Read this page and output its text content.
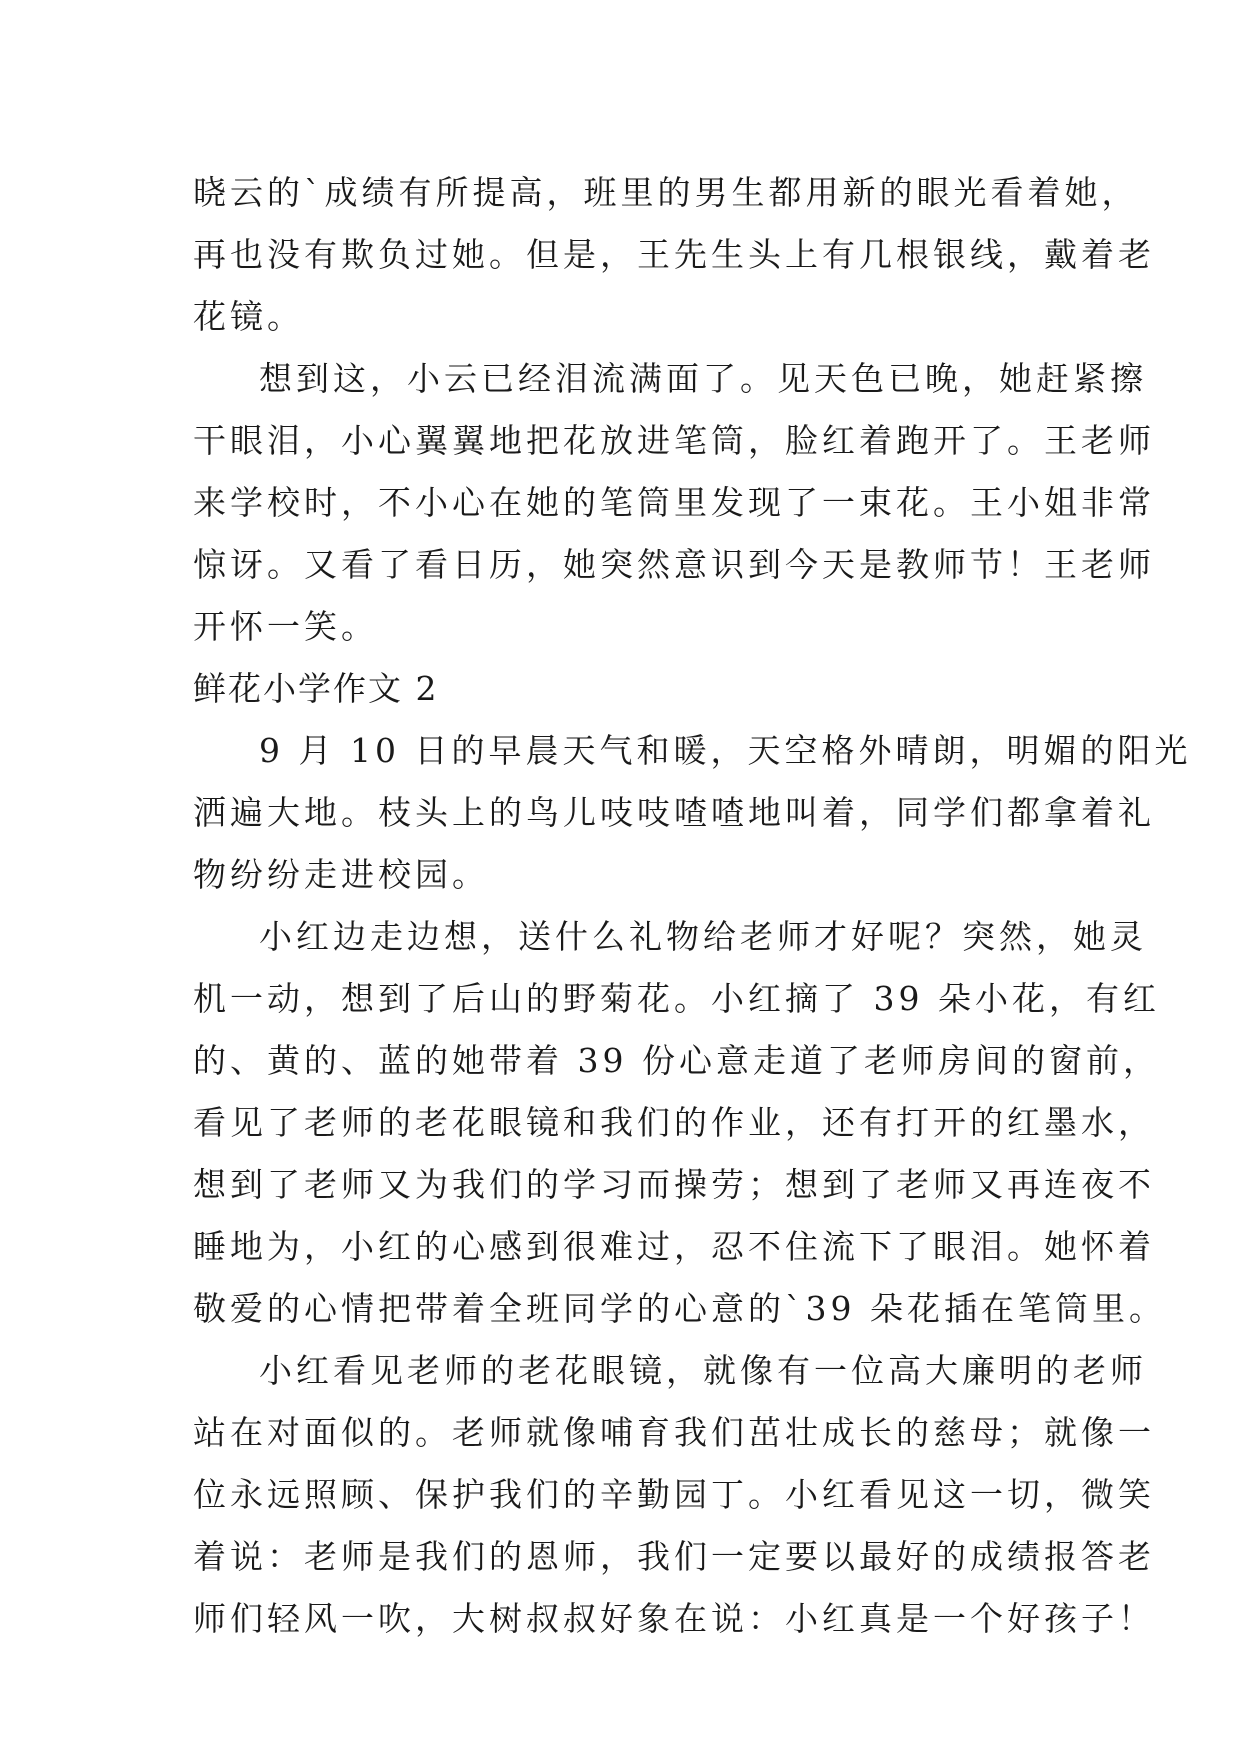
晓云的`成绩有所提高，班里的男生都用新的眼光看着她，
再也没有欺负过她。但是，王先生头上有几根银线，戴着老
花镜。
想到这，小云已经泪流满面了。见天色已晚，她赶紧擦
干眼泪，小心翼翼地把花放进笔筒，脸红着跑开了。王老师
来学校时，不小心在她的笔筒里发现了一束花。王小姐非常
惊讶。又看了看日历，她突然意识到今天是教师节！王老师
开怀一笑。
鲜花小学作文 2
9 月 10 日的早晨天气和暖，天空格外晴朗，明媚的阳光
洒遍大地。枝头上的鸟儿吱吱喳喳地叫着，同学们都拿着礼
物纷纷走进校园。
小红边走边想，送什么礼物给老师才好呢？突然，她灵
机一动，想到了后山的野菊花。小红摘了 39 朵小花，有红
的、黄的、蓝的她带着 39 份心意走道了老师房间的窗前，
看见了老师的老花眼镜和我们的作业，还有打开的红墨水，
想到了老师又为我们的学习而操劳；想到了老师又再连夜不
睡地为，小红的心感到很难过，忍不住流下了眼泪。她怀着
敬爱的心情把带着全班同学的心意的`39 朵花插在笔筒里。
小红看见老师的老花眼镜，就像有一位高大廉明的老师
站在对面似的。老师就像哺育我们茁壮成长的慈母；就像一
位永远照顾、保护我们的辛勤园丁。小红看见这一切，微笑
着说：老师是我们的恩师，我们一定要以最好的成绩报答老
师们轻风一吹，大树叔叔好象在说：小红真是一个好孩子！
